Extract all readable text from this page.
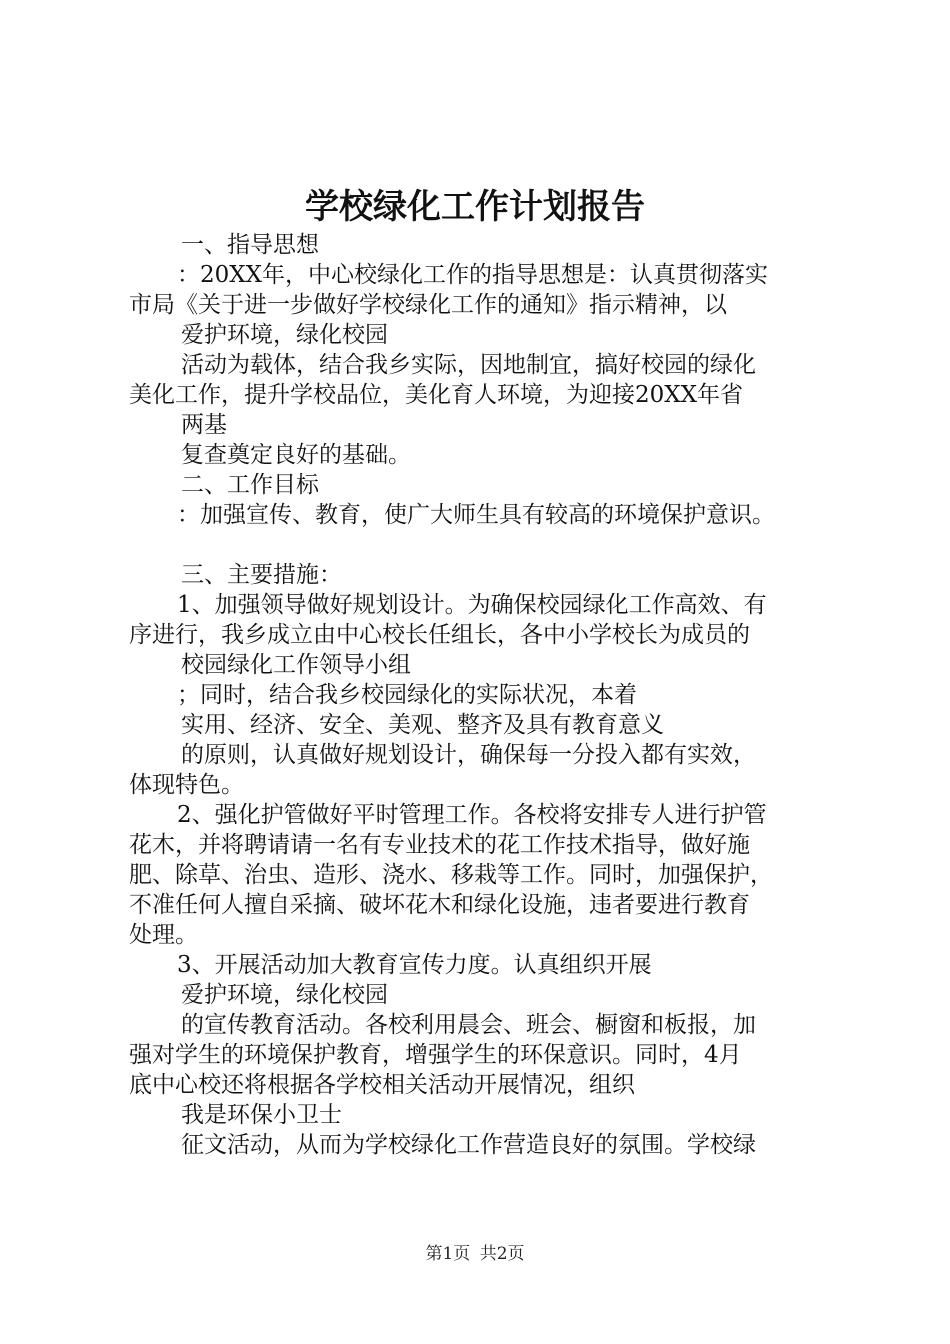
学校绿化工作计划报告
一、指导思想
：20XX年，中心校绿化工作的指导思想是：认真贯彻落实
市局《关于进一步做好学校绿化工作的通知》指示精神，以
爱护环境，绿化校园
活动为载体，结合我乡实际，因地制宜，搞好校园的绿化
美化工作，提升学校品位，美化育人环境，为迎接20XX年省
两基
复查奠定良好的基础。
二、工作目标
：加强宣传、教育，使广大师生具有较高的环境保护意识。
三、主要措施：
1、加强领导做好规划设计。为确保校园绿化工作高效、有
序进行，我乡成立由中心校长任组长，各中小学校长为成员的
校园绿化工作领导小组
；同时，结合我乡校园绿化的实际状况，本着
实用、经济、安全、美观、整齐及具有教育意义
的原则，认真做好规划设计，确保每一分投入都有实效，
体现特色。
2、强化护管做好平时管理工作。各校将安排专人进行护管
花木，并将聘请请一名有专业技术的花工作技术指导，做好施
肥、除草、治虫、造形、浇水、移栽等工作。同时，加强保护，
不准任何人擅自采摘、破坏花木和绿化设施，违者要进行教育
处理。
3、开展活动加大教育宣传力度。认真组织开展
爱护环境，绿化校园
的宣传教育活动。各校利用晨会、班会、橱窗和板报，加
强对学生的环境保护教育，增强学生的环保意识。同时，4月
底中心校还将根据各学校相关活动开展情况，组织
我是环保小卫士
征文活动，从而为学校绿化工作营造良好的氛围。学校绿
第1页 共2页
